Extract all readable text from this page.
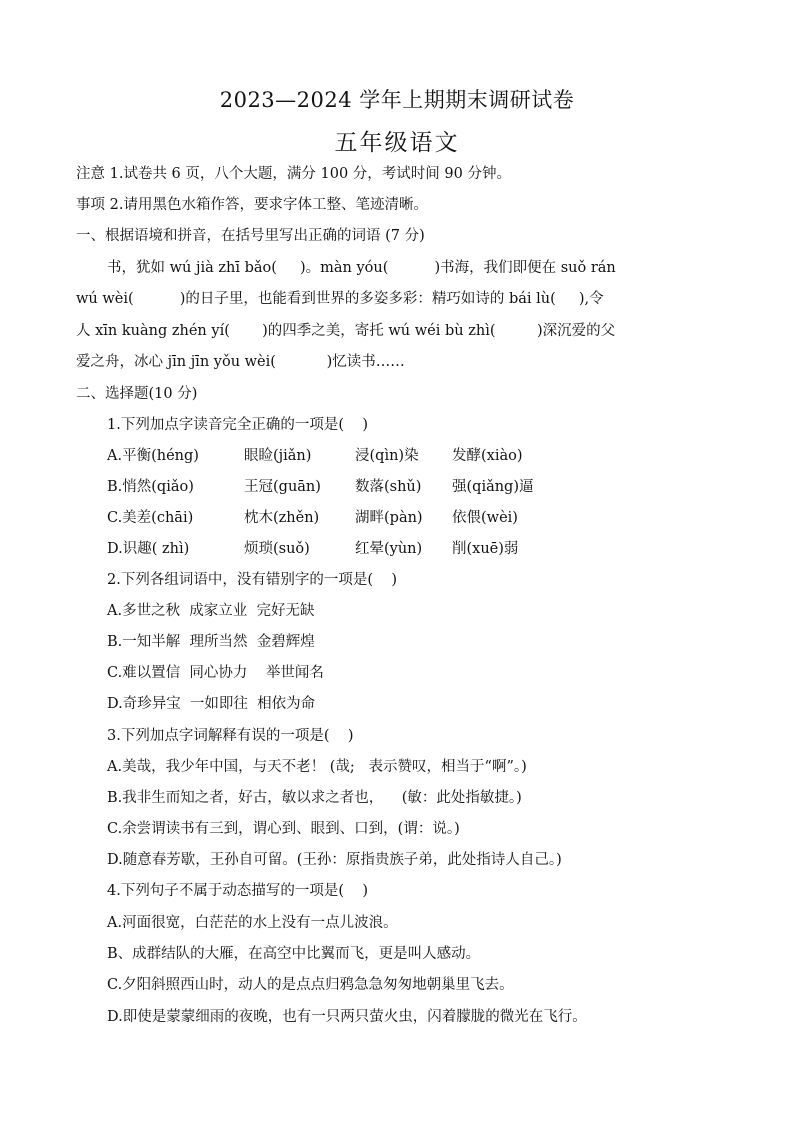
2023—2024 学年上期期末调研试卷
五年级语文
注意 1.试卷共 6 页，八个大题，满分 100 分，考试时间 90 分钟。
事项 2.请用黑色水箱作答，要求字体工整、笔迹清晰。
一、根据语境和拼音，在括号里写出正确的词语 (7 分)
书，犹如 wú jià zhī bǎo(     )。màn yóu(          )书海，我们即便在 suǒ rán
wú wèi(          )的日子里，也能看到世界的多姿多彩：精巧如诗的 bái lù(     ),令
人 xīn kuàng zhén yí(       )的四季之美，寄托 wú wéi bù zhì(         )深沉爱的父
爱之舟，冰心 jīn jīn yǒu wèi(           )忆读书……
二、选择题(10 分)
1.下列加点字读音完全正确的一项是(    )
A.平衡(héng)	眼睑(jiǎn)	浸(qìn)染 发酵(xiào)
B.悄然(qiǎo)	王冠(guān) 数落(shǔ) 强(qiǎng)逼
C.美差(chāi)	枕木(zhěn) 湖畔(pàn) 依偎(wèi)
D.识趣( zhì)	烦琐(suǒ)	红晕(yùn) 削(xuē)弱
2.下列各组词语中，没有错别字的一项是(    )
A.多世之秋  成家立业  完好无缺
B.一知半解  理所当然  金碧辉煌
C.难以置信  同心协力    举世闻名
D.奇珍异宝  一如即往  相依为命
3.下列加点字词解释有误的一项是(    )
A.美哉，我少年中国，与天不老！ (哉;   表示赞叹，相当于“啊”。)
B.我非生而知之者，好古，敏以求之者也，    (敏：此处指敏捷。)
C.余尝谓读书有三到，谓心到、眼到、口到，(谓：说。)
D.随意春芳歇，王孙自可留。(王孙：原指贵族子弟，此处指诗人自己。)
4.下列句子不属于动态描写的一项是(    )
A.河面很宽，白茫茫的水上没有一点儿波浪。
B、成群结队的大雁，在高空中比翼而飞，更是叫人感动。
C.夕阳斜照西山时，动人的是点点归鸦急急匆匆地朝巢里飞去。
D.即使是蒙蒙细雨的夜晚，也有一只两只萤火虫，闪着朦胧的微光在飞行。
